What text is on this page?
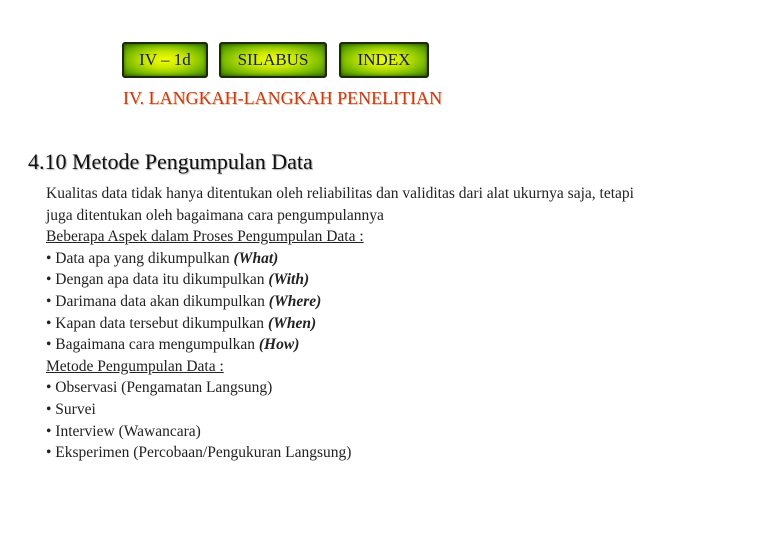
IV – 1d	SILABUS	INDEX
IV. LANGKAH-LANGKAH PENELITIAN
4.10 Metode Pengumpulan Data
Kualitas data tidak hanya ditentukan oleh reliabilitas dan validitas dari alat ukurnya saja, tetapi
juga ditentukan oleh bagaimana cara pengumpulannya
Beberapa Aspek dalam Proses Pengumpulan Data :
• Data apa yang dikumpulkan (What)
• Dengan apa data itu dikumpulkan (With)
• Darimana data akan dikumpulkan (Where)
• Kapan data tersebut dikumpulkan (When)
• Bagaimana cara mengumpulkan (How)
Metode Pengumpulan Data :
• Observasi (Pengamatan Langsung)
• Survei
• Interview (Wawancara)
• Eksperimen (Percobaan/Pengukuran Langsung)
